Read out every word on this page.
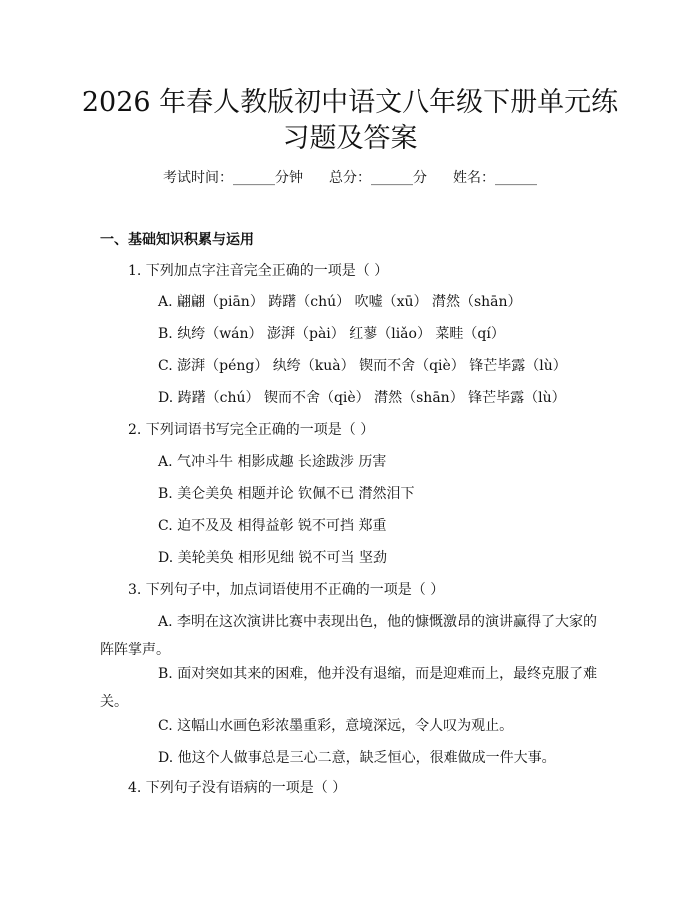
2026 年春人教版初中语文八年级下册单元练
习题及答案
考试时间：______分钟 总分：______分 姓名：______
一、基础知识积累与运用
1. 下列加点字注音完全正确的一项是（ ）
A. 翩翩（piān） 踌躇（chú） 吹嘘（xū） 潸然（shān）
B. 纨绔（wán） 澎湃（pài） 红蓼（liǎo） 菜畦（qí）
C. 澎湃（péng） 纨绔（kuà） 锲而不舍（qiè） 锋芒毕露（lù）
D. 踌躇（chú） 锲而不舍（qiè） 潸然（shān） 锋芒毕露（lù）
2. 下列词语书写完全正确的一项是（ ）
A. 气冲斗牛 相影成趣 长途跋涉 历害
B. 美仑美奂 相题并论 钦佩不已 潸然泪下
C. 迫不及及 相得益彰 锐不可挡 郑重
D. 美轮美奂 相形见绌 锐不可当 坚劲
3. 下列句子中，加点词语使用不正确的一项是（ ）
A. 李明在这次演讲比赛中表现出色，他的慷慨激昂的演讲赢得了大家的阵阵掌声。
B. 面对突如其来的困难，他并没有退缩，而是迎难而上，最终克服了难关。
C. 这幅山水画色彩浓墨重彩，意境深远，令人叹为观止。
D. 他这个人做事总是三心二意，缺乏恒心，很难做成一件大事。
4. 下列句子没有语病的一项是（ ）
